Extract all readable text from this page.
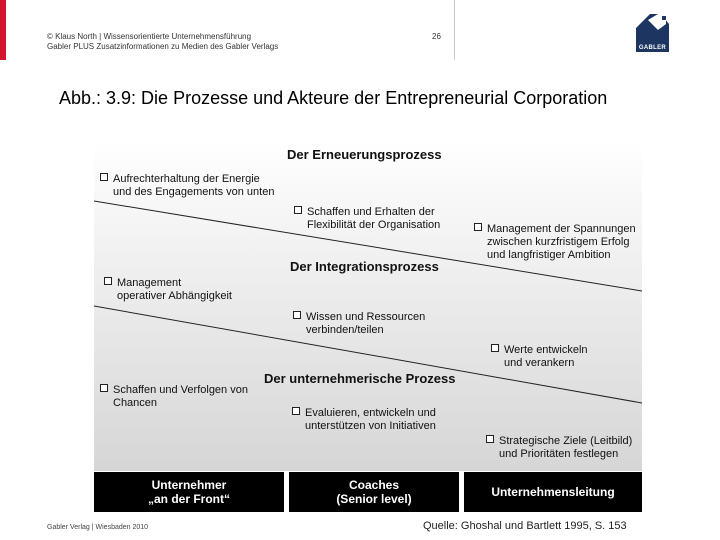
© Klaus North | Wissensorientierte Unternehmensführung
Gabler PLUS Zusatzinformationen zu Medien des Gabler Verlags
26
GABLER
Abb.: 3.9: Die Prozesse und Akteure der Entrepreneurial Corporation
Der Erneuerungsprozess
Der Integrationsprozess
Der unternehmerische Prozess
Aufrechterhaltung der Energie
und des Engagements von unten
Schaffen und Erhalten der
Flexibilität der Organisation	Management der Spannungen
zwischen kurzfristigem Erfolg
und langfristiger Ambition
Management
operativer Abhängigkeit
Wissen und Ressourcen
verbinden/teilen
Werte entwickeln
und verankern
Schaffen und Verfolgen von
Chancen
Evaluieren, entwickeln und
unterstützen von Initiativen
Strategische Ziele (Leitbild)
und Prioritäten festlegen
Unternehmer
„an der Front“
Coaches
(Senior level)	Unternehmensleitung
Gabler Verlag | Wiesbaden 2010	Quelle: Ghoshal und Bartlett 1995, S. 153
